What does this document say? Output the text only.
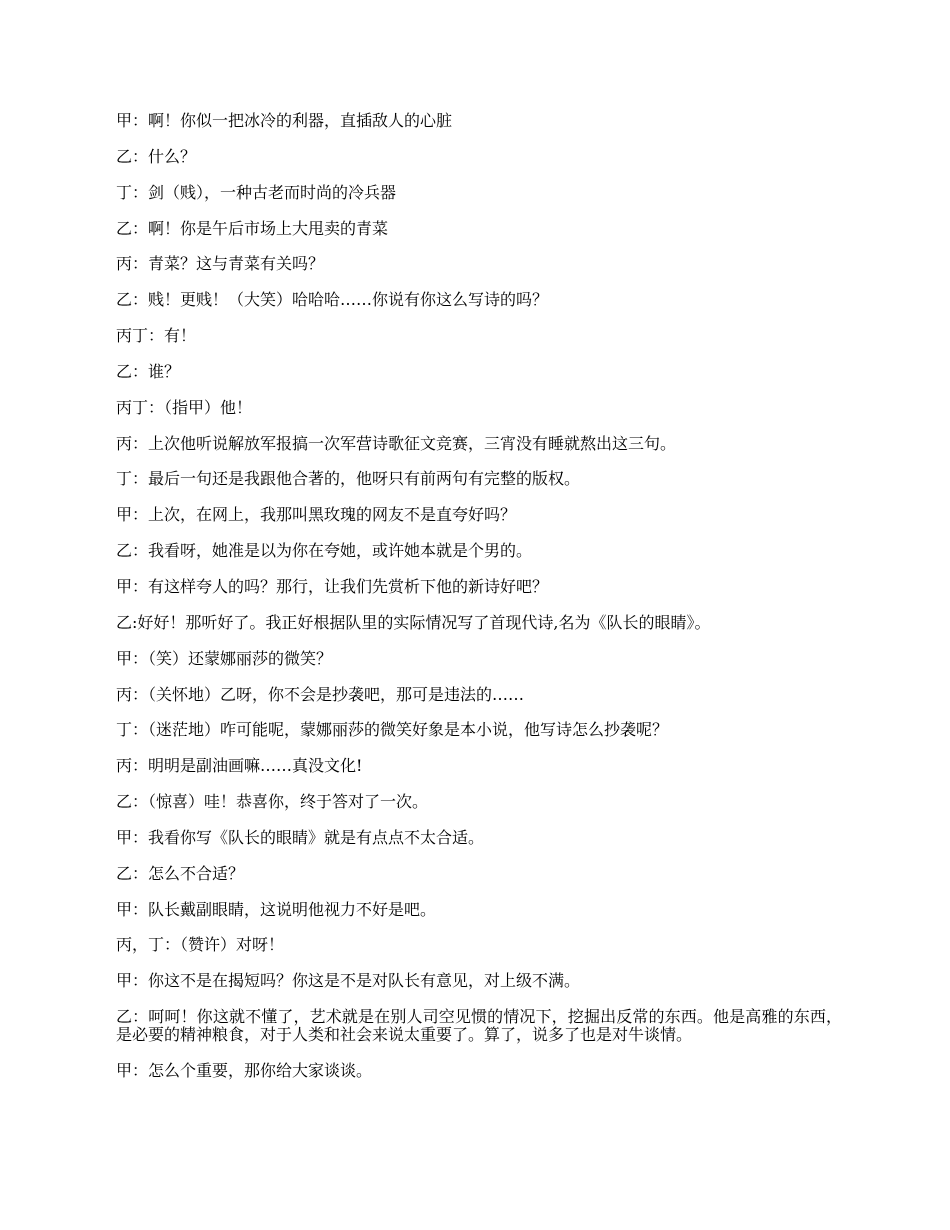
甲：啊！你似一把冰冷的利器，直插敌人的心脏

乙：什么？

丁：剑（贱），一种古老而时尚的冷兵器

乙：啊！你是午后市场上大甩卖的青菜

丙：青菜？这与青菜有关吗？

乙：贱！更贱！（大笑）哈哈哈……你说有你这么写诗的吗？

丙丁：有！

乙：谁？

丙丁：（指甲）他！

丙：上次他听说解放军报搞一次军营诗歌征文竞赛，三宵没有睡就熬出这三句。

丁：最后一句还是我跟他合著的，他呀只有前两句有完整的版权。

甲：上次，在网上，我那叫黑玫瑰的网友不是直夸好吗？

乙：我看呀，她准是以为你在夸她，或许她本就是个男的。

甲：有这样夸人的吗？那行，让我们先赏析下他的新诗好吧？

乙:好好！那听好了。我正好根据队里的实际情况写了首现代诗,名为《队长的眼睛》。

甲：（笑）还蒙娜丽莎的微笑？

丙：（关怀地）乙呀，你不会是抄袭吧，那可是违法的……

丁：（迷茫地）咋可能呢，蒙娜丽莎的微笑好象是本小说，他写诗怎么抄袭呢？

丙：明明是副油画嘛……真没文化!

乙：（惊喜）哇！恭喜你，终于答对了一次。

甲：我看你写《队长的眼睛》就是有点点不太合适。

乙：怎么不合适？

甲：队长戴副眼睛，这说明他视力不好是吧。

丙，丁：（赞许）对呀！

甲：你这不是在揭短吗？你这是不是对队长有意见，对上级不满。

乙：呵呵！你这就不懂了，艺术就是在别人司空见惯的情况下，挖掘出反常的东西。他是高雅的东西，是必要的精神粮食，对于人类和社会来说太重要了。算了，说多了也是对牛谈情。

甲：怎么个重要，那你给大家谈谈。
